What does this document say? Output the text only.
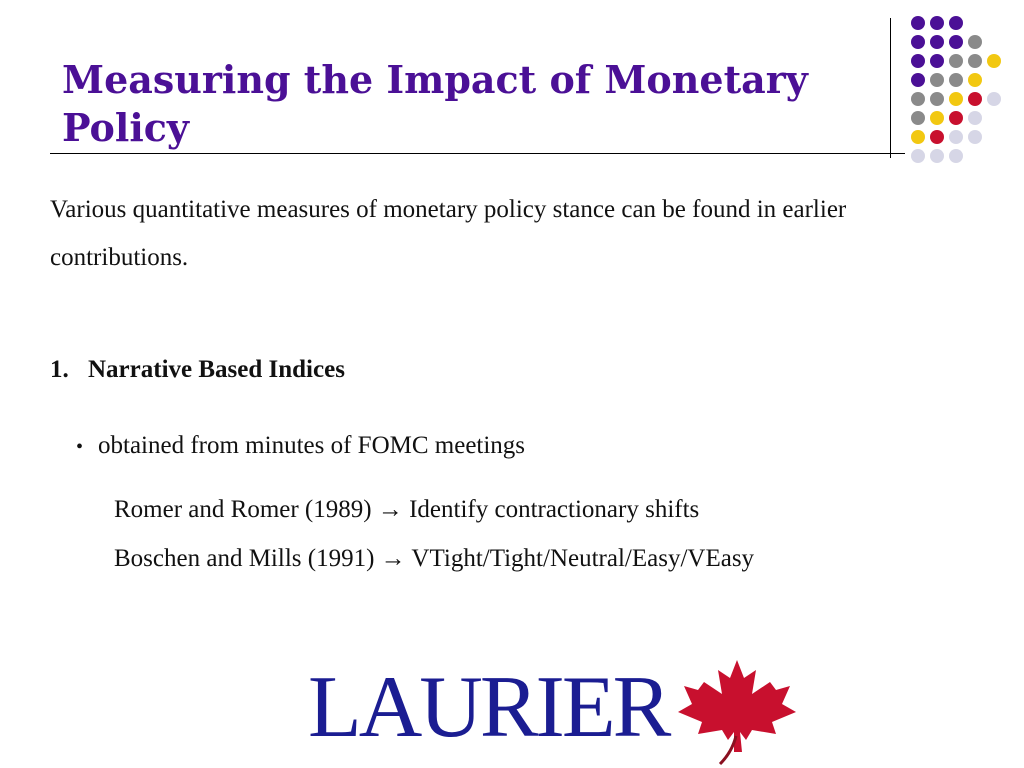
Measuring the Impact of Monetary Policy
Various quantitative measures of monetary policy stance can be found in earlier contributions.
1. Narrative Based Indices
• obtained from minutes of FOMC meetings
Romer and Romer (1989) → Identify contractionary shifts
Boschen and Mills (1991) → VTight/Tight/Neutral/Easy/VEasy
LAURIER
